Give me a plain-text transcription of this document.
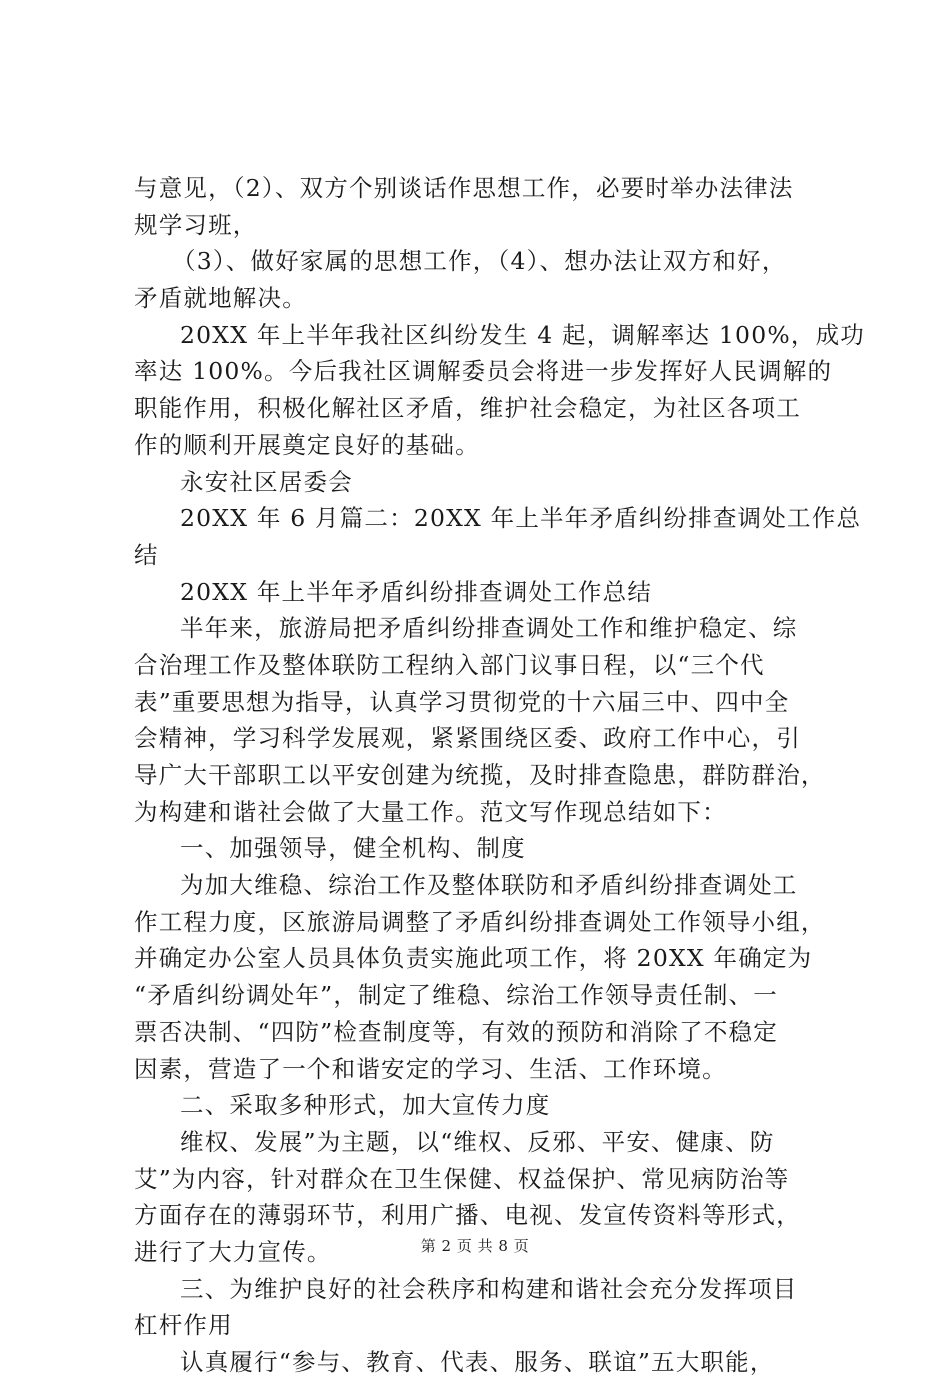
与意见，（2）、双方个别谈话作思想工作，必要时举办法律法
规学习班，
（3）、做好家属的思想工作，（4）、想办法让双方和好，
矛盾就地解决。
20XX 年上半年我社区纠纷发生 4 起，调解率达 100%，成功
率达 100%。今后我社区调解委员会将进一步发挥好人民调解的
职能作用，积极化解社区矛盾，维护社会稳定，为社区各项工
作的顺利开展奠定良好的基础。
永安社区居委会
20XX 年 6 月篇二：20XX 年上半年矛盾纠纷排查调处工作总
结
20XX 年上半年矛盾纠纷排查调处工作总结
半年来，旅游局把矛盾纠纷排查调处工作和维护稳定、综
合治理工作及整体联防工程纳入部门议事日程，以“三个代
表”重要思想为指导，认真学习贯彻党的十六届三中、四中全
会精神，学习科学发展观，紧紧围绕区委、政府工作中心，引
导广大干部职工以平安创建为统揽，及时排查隐患，群防群治，
为构建和谐社会做了大量工作。范文写作现总结如下：
一、加强领导，健全机构、制度
为加大维稳、综治工作及整体联防和矛盾纠纷排查调处工
作工程力度，区旅游局调整了矛盾纠纷排查调处工作领导小组，
并确定办公室人员具体负责实施此项工作，将 20XX 年确定为
“矛盾纠纷调处年”，制定了维稳、综治工作领导责任制、一
票否决制、“四防”检查制度等，有效的预防和消除了不稳定
因素，营造了一个和谐安定的学习、生活、工作环境。
二、采取多种形式，加大宣传力度
维权、发展”为主题，以“维权、反邪、平安、健康、防
艾”为内容，针对群众在卫生保健、权益保护、常见病防治等
方面存在的薄弱环节，利用广播、电视、发宣传资料等形式，
进行了大力宣传。
三、为维护良好的社会秩序和构建和谐社会充分发挥项目
杠杆作用
认真履行“参与、教育、代表、服务、联谊”五大职能，
第 2 页 共 8 页
